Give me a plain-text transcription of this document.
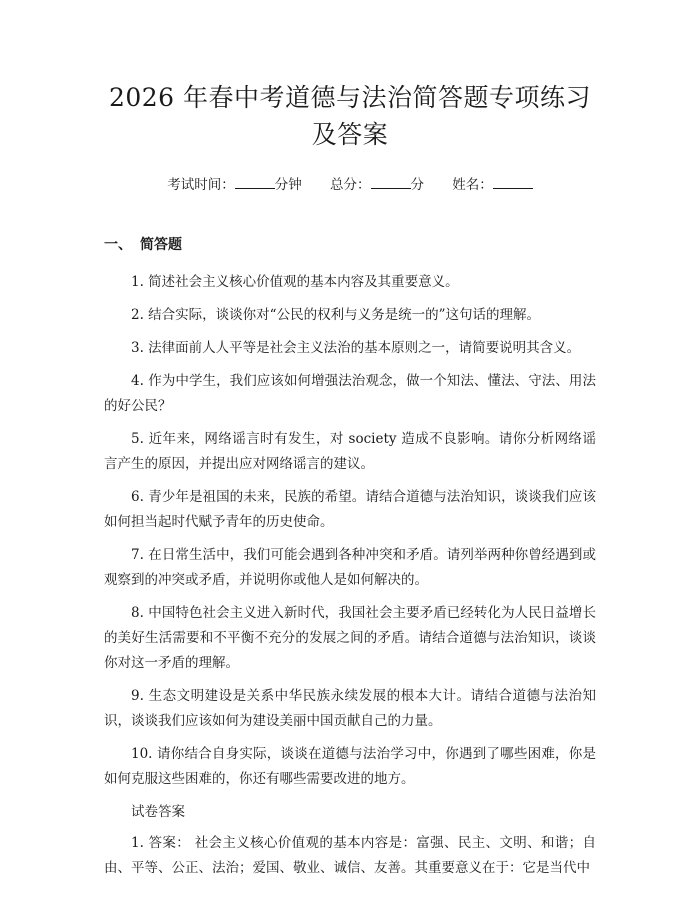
2026 年春中考道德与法治简答题专项练习及答案
考试时间：	分钟 总分：	分 姓名：
一、 简答题

1. 简述社会主义核心价值观的基本内容及其重要意义。

2. 结合实际，谈谈你对“公民的权利与义务是统一的”这句话的理解。

3. 法律面前人人平等是社会主义法治的基本原则之一，请简要说明其含义。

4. 作为中学生，我们应该如何增强法治观念，做一个知法、懂法、守法、用法的好公民？

5. 近年来，网络谣言时有发生，对 society 造成不良影响。请你分析网络谣言产生的原因，并提出应对网络谣言的建议。

6. 青少年是祖国的未来，民族的希望。请结合道德与法治知识，谈谈我们应该如何担当起时代赋予青年的历史使命。

7. 在日常生活中，我们可能会遇到各种冲突和矛盾。请列举两种你曾经遇到或观察到的冲突或矛盾，并说明你或他人是如何解决的。

8. 中国特色社会主义进入新时代，我国社会主要矛盾已经转化为人民日益增长的美好生活需要和不平衡不充分的发展之间的矛盾。请结合道德与法治知识，谈谈你对这一矛盾的理解。

9. 生态文明建设是关系中华民族永续发展的根本大计。请结合道德与法治知识，谈谈我们应该如何为建设美丽中国贡献自己的力量。

10. 请你结合自身实际，谈谈在道德与法治学习中，你遇到了哪些困难，你是如何克服这些困难的，你还有哪些需要改进的地方。

试卷答案

1. 答案： 社会主义核心价值观的基本内容是：富强、民主、文明、和谐；自由、平等、公正、法治；爱国、敬业、诚信、友善。其重要意义在于：它是当代中
